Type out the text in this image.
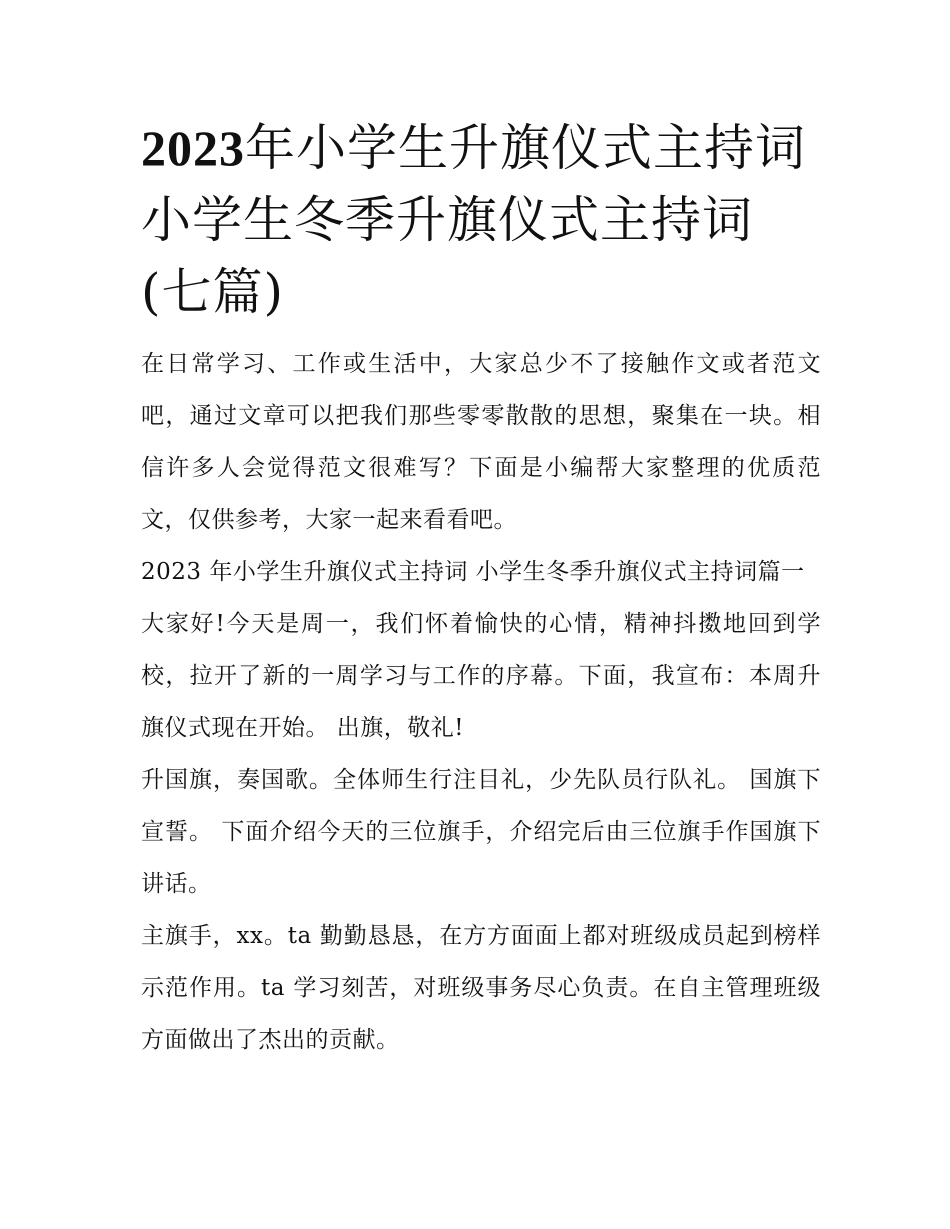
2023年小学生升旗仪式主持词 小学生冬季升旗仪式主持词(七篇)

在日常学习、工作或生活中，大家总少不了接触作文或者范文吧，通过文章可以把我们那些零零散散的思想，聚集在一块。相信许多人会觉得范文很难写？下面是小编帮大家整理的优质范文，仅供参考，大家一起来看看吧。

2023 年小学生升旗仪式主持词 小学生冬季升旗仪式主持词篇一

大家好!今天是周一，我们怀着愉快的心情，精神抖擞地回到学校，拉开了新的一周学习与工作的序幕。下面，我宣布：本周升旗仪式现在开始。 出旗，敬礼!

升国旗，奏国歌。全体师生行注目礼，少先队员行队礼。 国旗下宣誓。 下面介绍今天的三位旗手，介绍完后由三位旗手作国旗下讲话。

主旗手，xx。ta 勤勤恳恳，在方方面面上都对班级成员起到榜样示范作用。ta 学习刻苦，对班级事务尽心负责。在自主管理班级方面做出了杰出的贡献。
